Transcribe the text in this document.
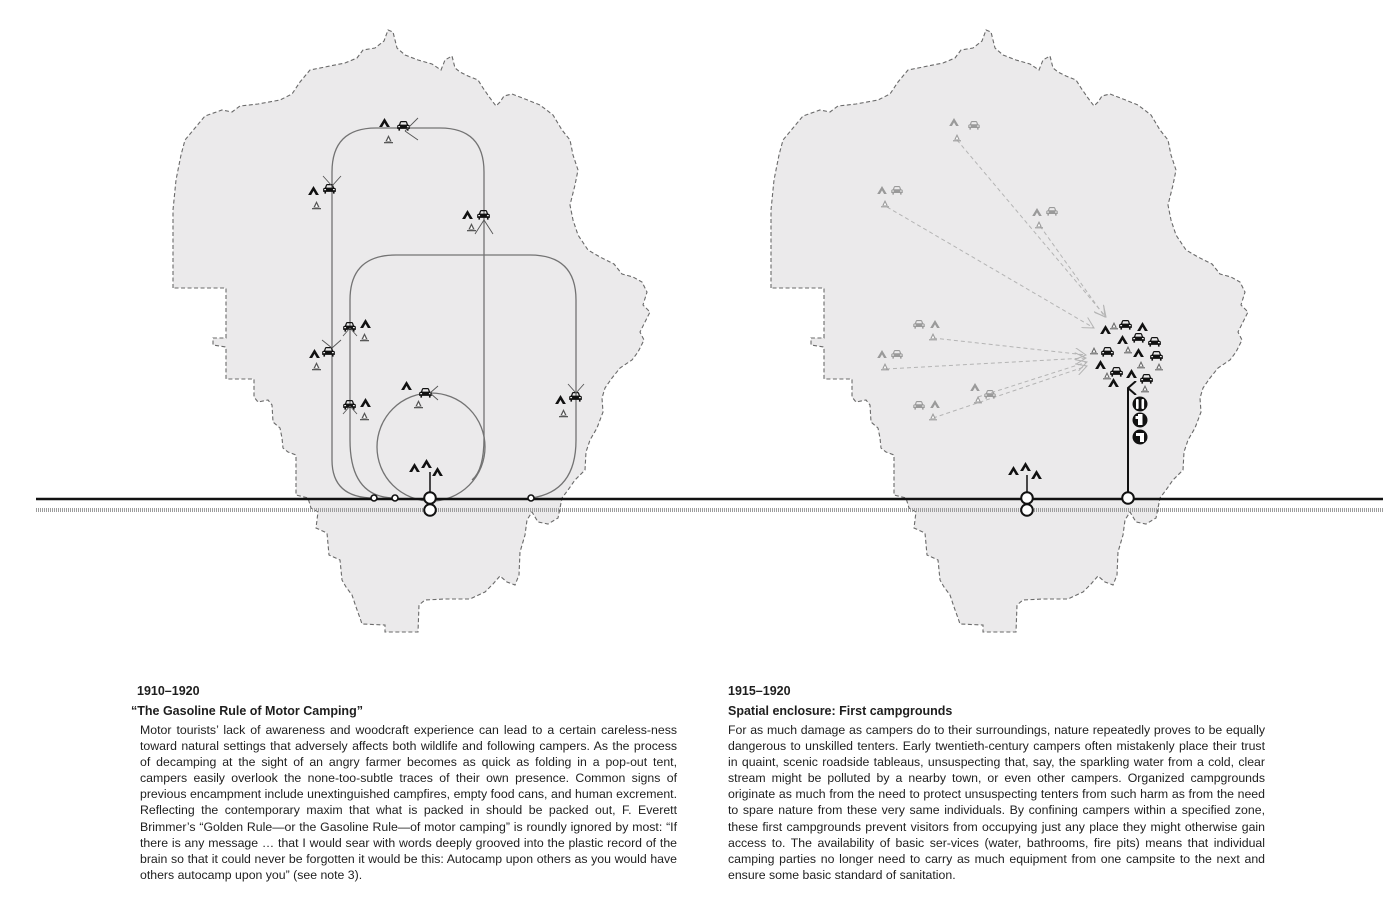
1910–1920

“The Gasoline Rule of Motor Camping”

Motor tourists’ lack of awareness and woodcraft experience can lead to a certain careless-ness toward natural settings that adversely affects both wildlife and following campers. As the process of decamping at the sight of an angry farmer becomes as quick as folding in a pop-out tent, campers easily overlook the none-too-subtle traces of their own presence. Common signs of previous encampment include unextinguished campfires, empty food cans, and human excrement. Reflecting the contemporary maxim that what is packed in should be packed out, F. Everett Brimmer’s “Golden Rule—or the Gasoline Rule—of motor camping” is roundly ignored by most: “If there is any message … that I would sear with words deeply grooved into the plastic record of the brain so that it could never be forgotten it would be this: Autocamp upon others as you would have others autocamp upon you” (see note 3).

1915–1920

Spatial enclosure: First campgrounds

For as much damage as campers do to their surroundings, nature repeatedly proves to be equally dangerous to unskilled tenters. Early twentieth-century campers often mistakenly place their trust in quaint, scenic roadside tableaus, unsuspecting that, say, the sparkling water from a cold, clear stream might be polluted by a nearby town, or even other campers. Organized campgrounds originate as much from the need to protect unsuspecting tenters from such harm as from the need to spare nature from these very same individuals. By confining campers within a specified zone, these first campgrounds prevent visitors from occupying just any place they might otherwise gain access to. The availability of basic ser-vices (water, bathrooms, fire pits) means that individual camping parties no longer need to carry as much equipment from one campsite to the next and ensure some basic standard of sanitation.
